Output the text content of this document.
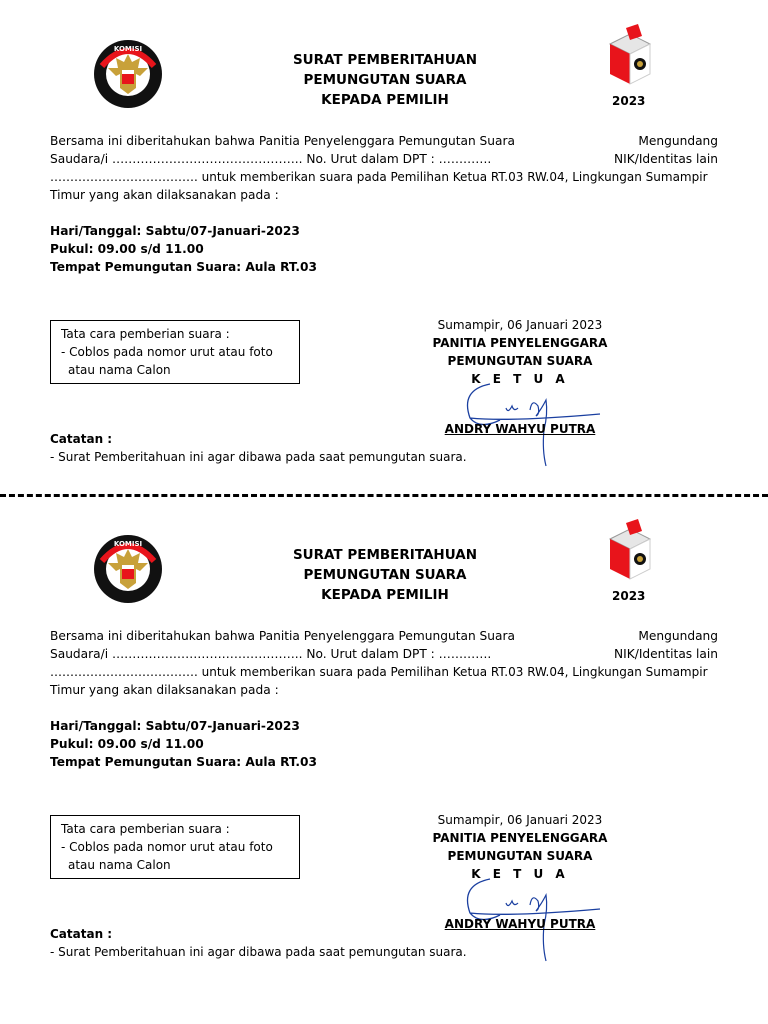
KOMISI
SURAT PEMBERITAHUAN
PEMUNGUTAN SUARA
KEPADA PEMILIH	2023
Bersama ini diberitahukan bahwa Panitia Penyelenggara Pemungutan Suara	Mengundang
Saudara/i ……………………………………….. No. Urut dalam DPT : ………….	NIK/Identitas lain
………………………………. untuk memberikan suara pada Pemilihan Ketua RT.03 RW.04, Lingkungan Sumampir
Timur yang akan dilaksanakan pada :
Hari/Tanggal: Sabtu/07-Januari-2023
Pukul: 09.00 s/d 11.00
Tempat Pemungutan Suara: Aula RT.03
Tata cara pemberian suara :
- Coblos pada nomor urut atau foto
atau nama Calon
Sumampir, 06 Januari 2023
PANITIA PENYELENGGARA
PEMUNGUTAN SUARA
K E T U A
ANDRY WAHYU PUTRA
Catatan :
- Surat Pemberitahuan ini agar dibawa pada saat pemungutan suara.
KOMISI
SURAT PEMBERITAHUAN
PEMUNGUTAN SUARA
KEPADA PEMILIH	2023
Bersama ini diberitahukan bahwa Panitia Penyelenggara Pemungutan Suara	Mengundang
Saudara/i ……………………………………….. No. Urut dalam DPT : ………….	NIK/Identitas lain
………………………………. untuk memberikan suara pada Pemilihan Ketua RT.03 RW.04, Lingkungan Sumampir
Timur yang akan dilaksanakan pada :
Hari/Tanggal: Sabtu/07-Januari-2023
Pukul: 09.00 s/d 11.00
Tempat Pemungutan Suara: Aula RT.03
Tata cara pemberian suara :
- Coblos pada nomor urut atau foto
atau nama Calon
Sumampir, 06 Januari 2023
PANITIA PENYELENGGARA
PEMUNGUTAN SUARA
K E T U A
ANDRY WAHYU PUTRA
Catatan :
- Surat Pemberitahuan ini agar dibawa pada saat pemungutan suara.
